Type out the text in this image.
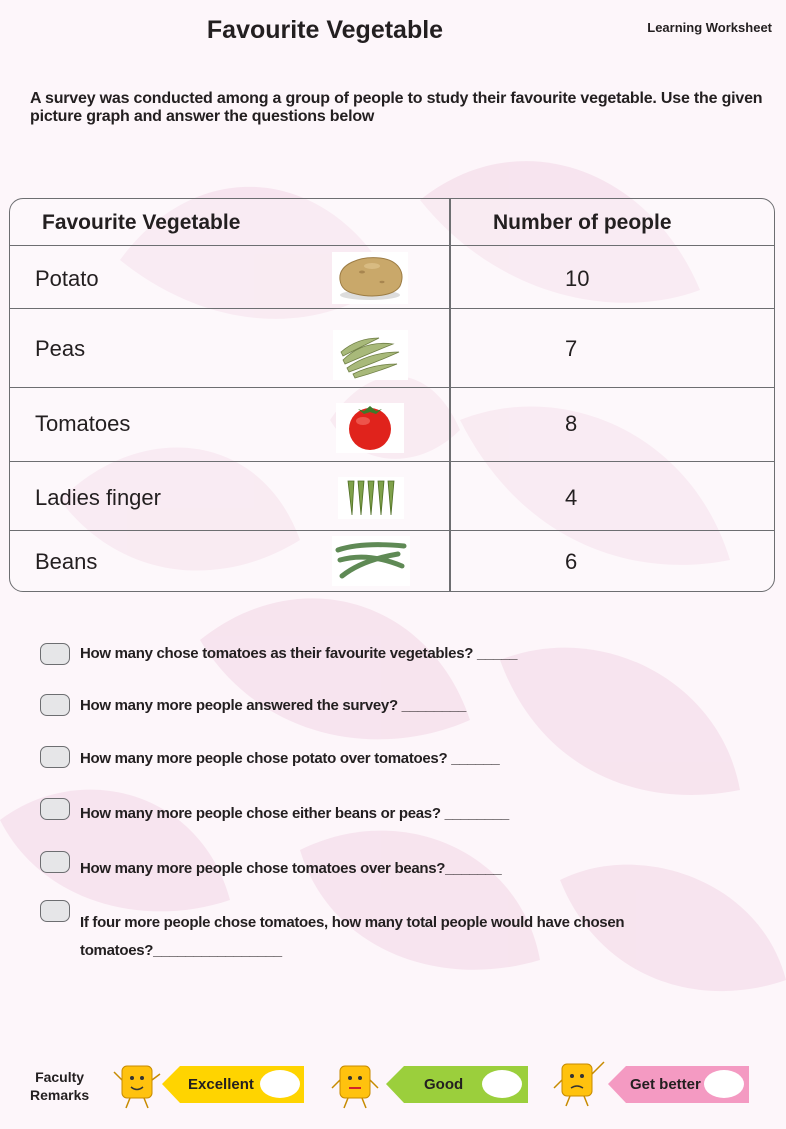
Favourite Vegetable	Learning Worksheet
A survey was conducted among a group of people to study their favourite vegetable. Use the given picture graph and answer the questions below
Favourite Vegetable	Number of people
Potato	10
Peas	7
Tomatoes	8
Ladies finger	4
Beans	6
How many chose tomatoes as their favourite vegetables? _____
How many more people answered the survey? ________
How many more people chose potato over tomatoes? ______
How many more people chose either beans or peas? ________
How many more people chose tomatoes over beans?_______
If four more people chose tomatoes, how many total people would have chosen tomatoes?________________
Faculty
Remarks
Excellent	Good	Get better
